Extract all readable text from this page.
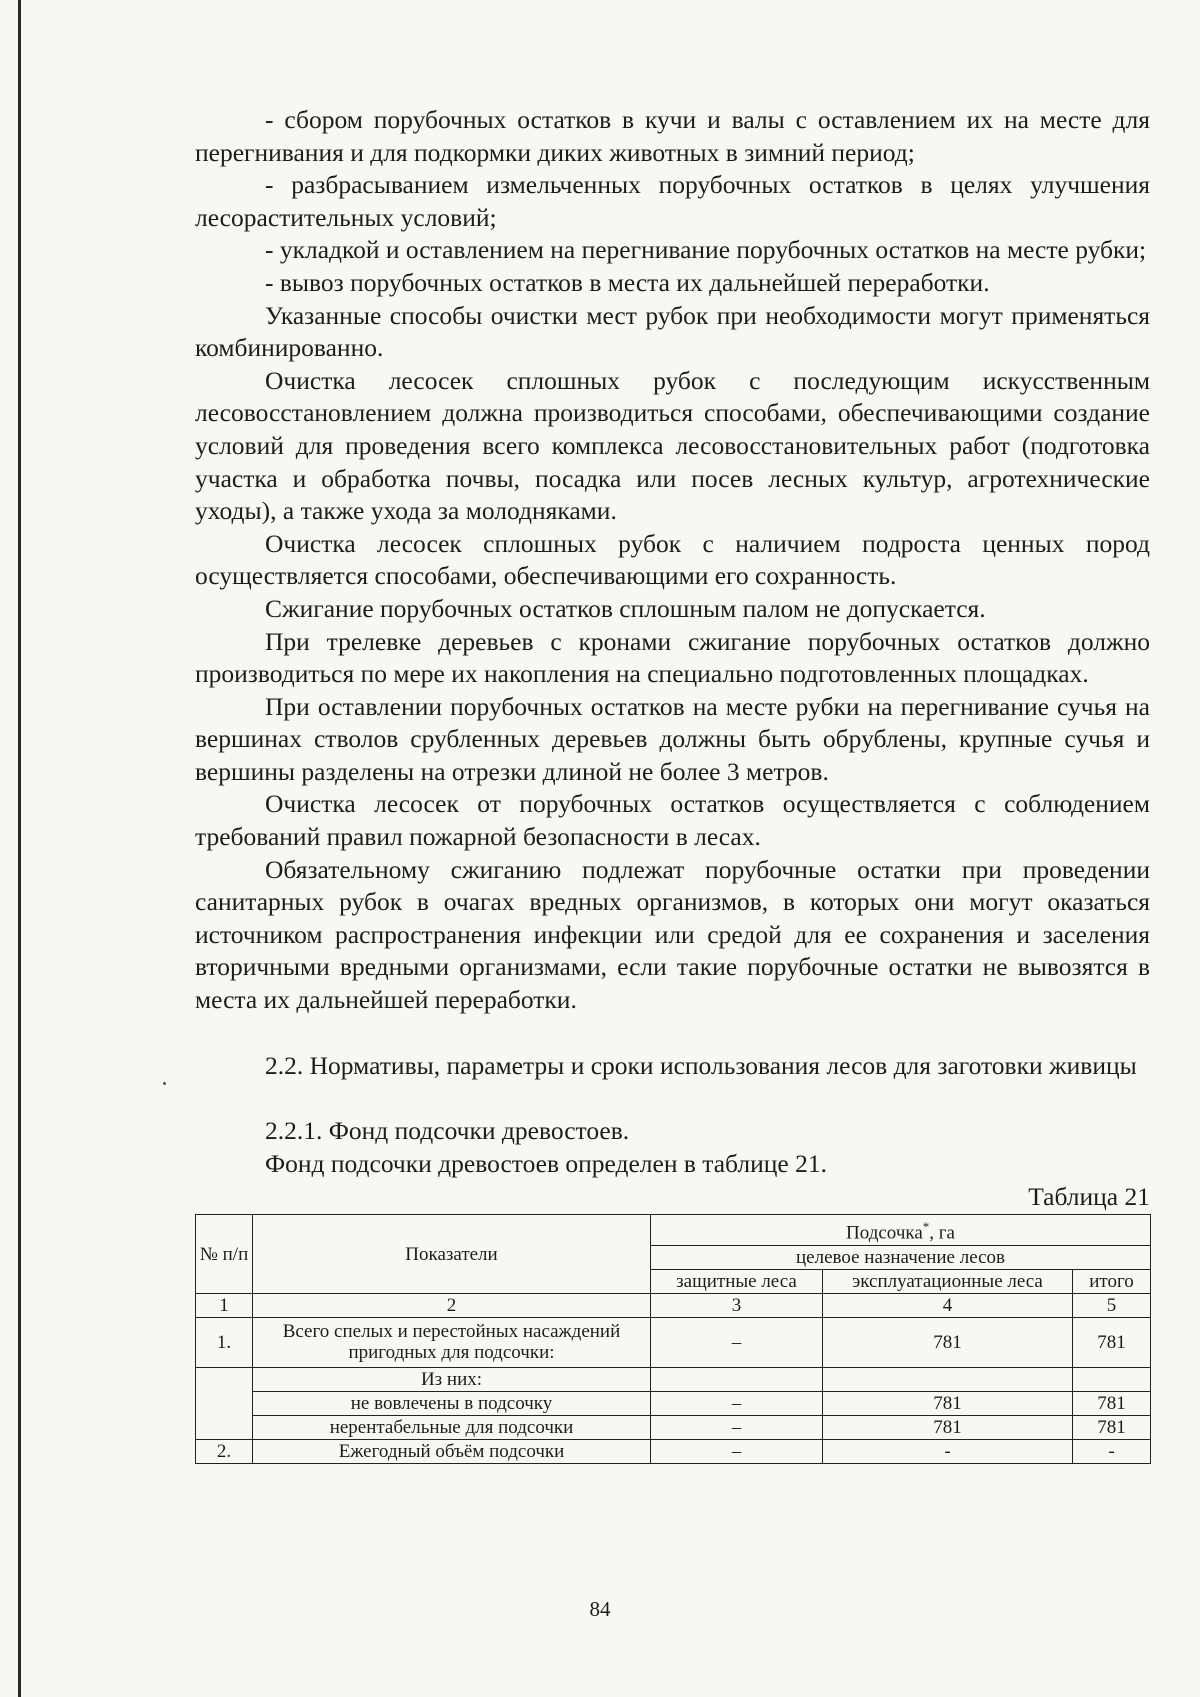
- сбором порубочных остатков в кучи и валы с оставлением их на месте для перегнивания и для подкормки диких животных в зимний период;

- разбрасыванием измельченных порубочных остатков в целях улучшения лесорастительных условий;

- укладкой и оставлением на перегнивание порубочных остатков на месте рубки;

- вывоз порубочных остатков в места их дальнейшей переработки.

Указанные способы очистки мест рубок при необходимости могут применяться комбинированно.

Очистка лесосек сплошных рубок с последующим искусственным лесовосстановлением должна производиться способами, обеспечивающими создание условий для проведения всего комплекса лесовосстановительных работ (подготовка участка и обработка почвы, посадка или посев лесных культур, агротехнические уходы), а также ухода за молодняками.

Очистка лесосек сплошных рубок с наличием подроста ценных пород осуществляется способами, обеспечивающими его сохранность.

Сжигание порубочных остатков сплошным палом не допускается.

При трелевке деревьев с кронами сжигание порубочных остатков должно производиться по мере их накопления на специально подготовленных площадках.

При оставлении порубочных остатков на месте рубки на перегнивание сучья на вершинах стволов срубленных деревьев должны быть обрублены, крупные сучья и вершины разделены на отрезки длиной не более 3 метров.

Очистка лесосек от порубочных остатков осуществляется с соблюдением требований правил пожарной безопасности в лесах.

Обязательному сжиганию подлежат порубочные остатки при проведении санитарных рубок в очагах вредных организмов, в которых они могут оказаться источником распространения инфекции или средой для ее сохранения и заселения вторичными вредными организмами, если такие порубочные остатки не вывозятся в места их дальнейшей переработки.

2.2. Нормативы, параметры и сроки использования лесов для заготовки живицы

2.2.1. Фонд подсочки древостоев.

Фонд подсочки древостоев определен в таблице 21.

Таблица 21
№ п/п	Показатели	Подсочка*, га		
		целевое назначение лесов		
		защитные леса	эксплуатационные леса	итого
1	2	3	4	5
1.	Всего спелых и перестойных насаждений пригодных для подсочки:	–	781	781
	Из них:			
	не вовлечены в подсочку	–	781	781
	нерентабельные для подсочки	–	781	781
2.	Ежегодный объём подсочки	–	-	-
84
